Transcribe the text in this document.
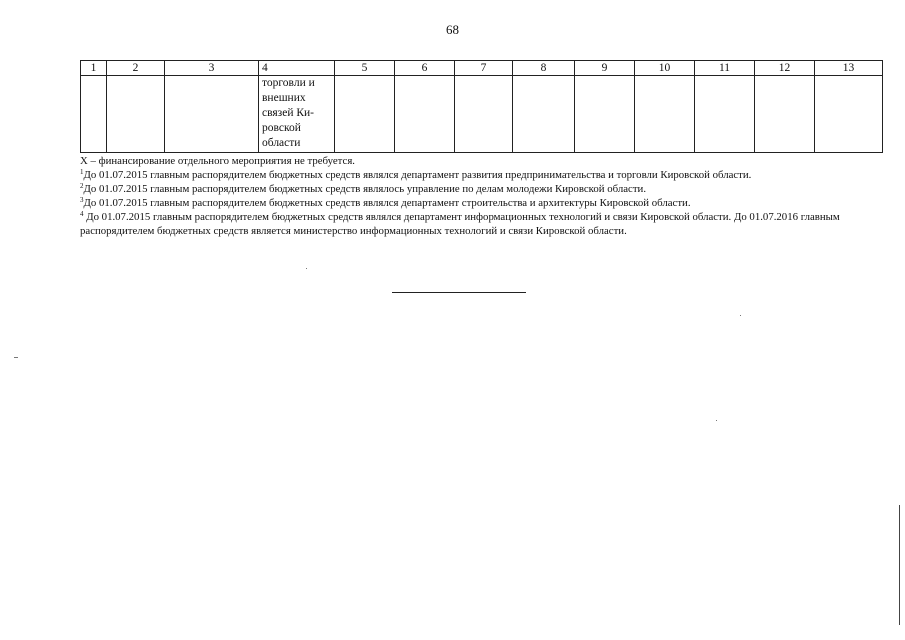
68
1	2	3	4	5	6	7	8	9	10	11	12	13
			торговли и внешних связей Ки-ровской области									

Х – финансирование отдельного мероприятия не требуется.

$^1$До 01.07.2015 главным распорядителем бюджетных средств являлся департамент развития предпринимательства и торговли Кировской области.

$^2$До 01.07.2015 главным распорядителем бюджетных средств являлось управление по делам молодежи Кировской области.

$^3$До 01.07.2015 главным распорядителем бюджетных средств являлся департамент строительства и архитектуры Кировской области.

$^4$ До 01.07.2015 главным распорядителем бюджетных средств являлся департамент информационных технологий и связи Кировской области. До 01.07.2016 главным распорядителем бюджетных средств является министерство информационных технологий и связи Кировской области.
